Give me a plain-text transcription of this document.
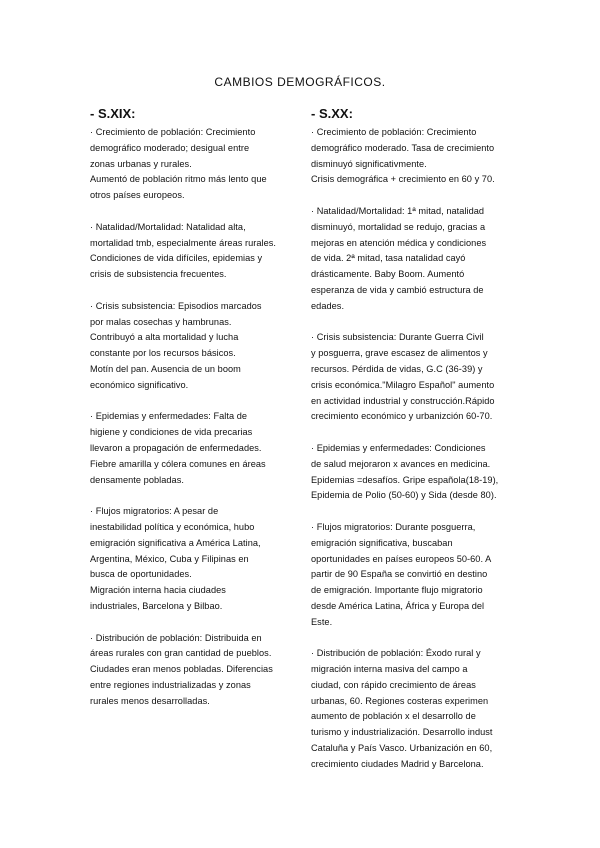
CAMBIOS DEMOGRÁFICOS.
- S.XIX:
· Crecimiento de población: Crecimiento
demográfico moderado; desigual entre
zonas urbanas y rurales.
Aumentó de población ritmo más lento que
otros países europeos.
· Natalidad/Mortalidad: Natalidad alta,
mortalidad tmb, especialmente áreas rurales.
Condiciones de vida difíciles, epidemias y
crisis de subsistencia frecuentes.
· Crisis subsistencia: Episodios marcados
por malas cosechas y hambrunas.
Contribuyó a alta mortalidad y lucha
constante por los recursos básicos.
Motín del pan. Ausencia de un boom
económico significativo.
· Epidemias y enfermedades: Falta de
higiene y condiciones de vida precarias
llevaron a propagación de enfermedades.
Fiebre amarilla y cólera comunes en áreas
densamente pobladas.
· Flujos migratorios: A pesar de
inestabilidad política y económica, hubo
emigración significativa a América Latina,
Argentina, México, Cuba y Filipinas en
busca de oportunidades.
Migración interna hacia ciudades
industriales, Barcelona y Bilbao.
· Distribución de población: Distribuida en
áreas rurales con gran cantidad de pueblos.
Ciudades eran menos pobladas. Diferencias
entre regiones industrializadas y zonas
rurales menos desarrolladas.
- S.XX:
· Crecimiento de población: Crecimiento
demográfico moderado. Tasa de crecimiento
disminuyó significativmente.
Crisis demográfica + crecimiento en 60 y 70.
· Natalidad/Mortalidad: 1ª mitad, natalidad
disminuyó, mortalidad se redujo, gracias a
mejoras en atención médica y condiciones
de vida. 2ª mitad, tasa natalidad cayó
drásticamente. Baby Boom. Aumentó
esperanza de vida y cambió estructura de
edades.
· Crisis subsistencia: Durante Guerra Civil
y posguerra, grave escasez de alimentos y
recursos. Pérdida de vidas, G.C (36-39) y
crisis económica."Milagro Español" aumento
en actividad industrial y construcción.Rápido
crecimiento económico y urbanizción 60-70.
· Epidemias y enfermedades: Condiciones
de salud mejoraron x avances en medicina.
Epidemias =desafíos. Gripe española(18-19),
Epidemia de Polio (50-60) y Sida (desde 80).
· Flujos migratorios: Durante posguerra,
emigración significativa, buscaban
oportunidades en países europeos 50-60. A
partir de 90 España se convirtió en destino
de emigración. Importante flujo migratorio
desde América Latina, África y Europa del
Este.
· Distribución de población: Éxodo rural y
migración interna masiva del campo a
ciudad, con rápido crecimiento de áreas
urbanas, 60. Regiones costeras experimen
aumento de población x el desarrollo de
turismo y industrialización. Desarrollo indust
Cataluña y País Vasco. Urbanización en 60,
crecimiento ciudades Madrid y Barcelona.
